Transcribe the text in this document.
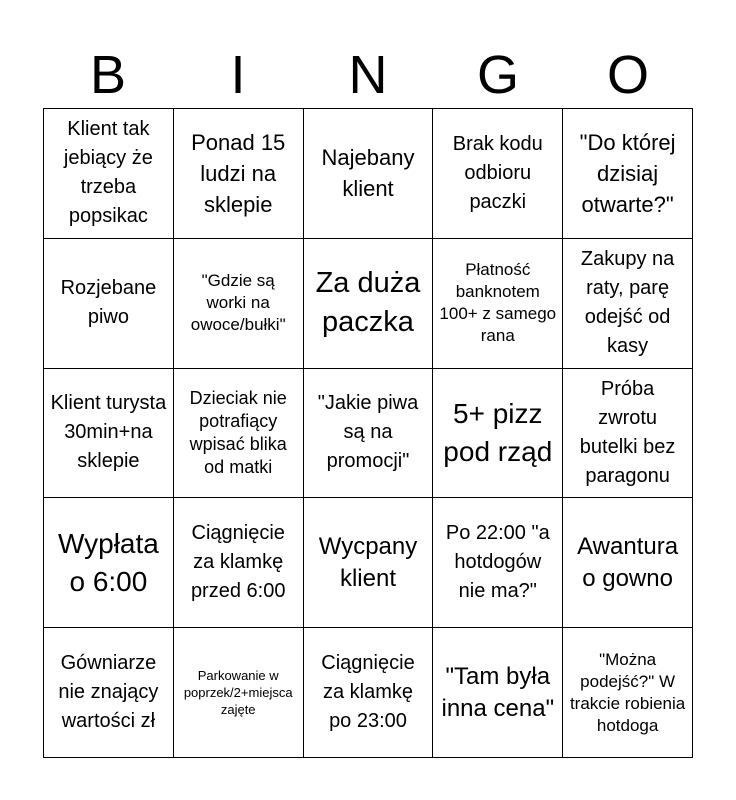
B	I	N	G	O
Klient tak jebiący że trzeba popsikac
Ponad 15 ludzi na sklepie
Najebany klient
Brak kodu odbioru paczki
"Do której dzisiaj otwarte?"
Rozjebane piwo
"Gdzie są worki na owoce/bułki"
Za duża paczka
Płatność banknotem 100+ z samego rana
Zakupy na raty, parę odejść od kasy
Klient turysta 30min+na sklepie
Dzieciak nie potrafiący wpisać blika od matki
"Jakie piwa są na promocji"
5+ pizz pod rząd
Próba zwrotu butelki bez paragonu
Wypłata o 6:00
Ciągnięcie za klamkę przed 6:00
Wycpany klient
Po 22:00 "a hotdogów nie ma?"
Awantura o gowno
Gówniarze nie znający wartości zł
Parkowanie w poprzek/2+miejsca zajęte
Ciągnięcie za klamkę po 23:00
"Tam była inna cena"
"Można podejść?" W trakcie robienia hotdoga
